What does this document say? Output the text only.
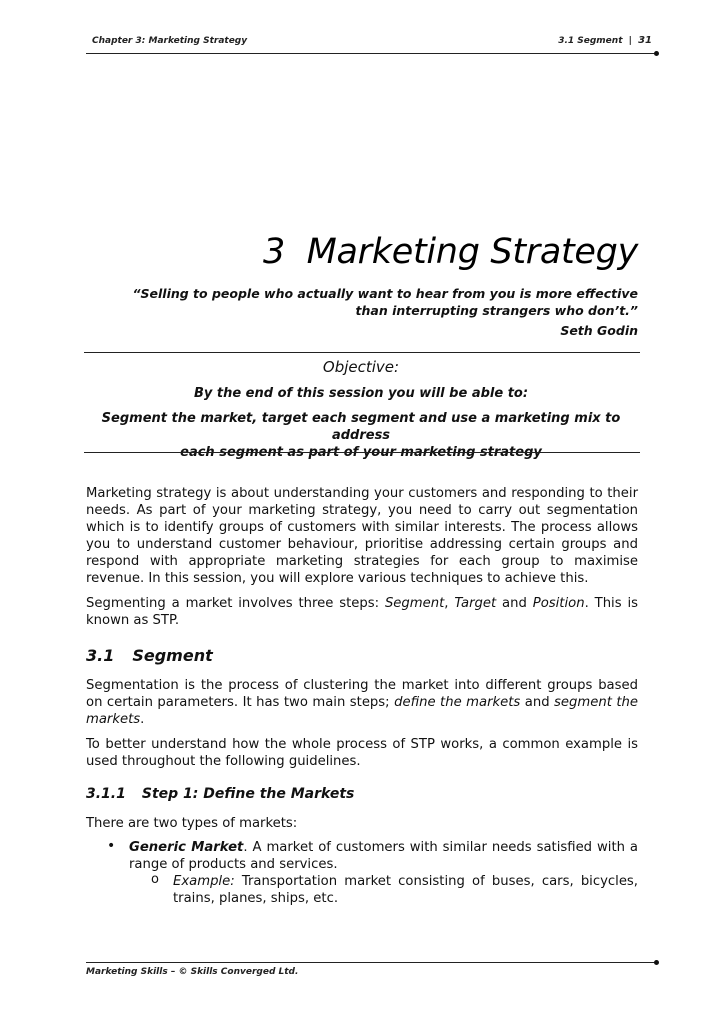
Chapter 3: Marketing Strategy	3.1 Segment | 31
3 Marketing Strategy
“Selling to people who actually want to hear from you is more effective
than interrupting strangers who don’t.”
Seth Godin
Objective:
By the end of this session you will be able to:
Segment the market, target each segment and use a marketing mix to address
each segment as part of your marketing strategy
Marketing strategy is about understanding your customers and responding to their needs. As part of your marketing strategy, you need to carry out segmentation which is to identify groups of customers with similar interests. The process allows you to understand customer behaviour, prioritise addressing certain groups and respond with appropriate marketing strategies for each group to maximise revenue. In this session, you will explore various techniques to achieve this.
Segmenting a market involves three steps: Segment, Target and Position. This is known as STP.
3.1 Segment
Segmentation is the process of clustering the market into different groups based on certain parameters. It has two main steps; define the markets and segment the markets.
To better understand how the whole process of STP works, a common example is used throughout the following guidelines.
3.1.1 Step 1: Define the Markets
There are two types of markets:
• Generic Market. A market of customers with similar needs satisfied with a range of products and services.
o Example: Transportation market consisting of buses, cars, bicycles, trains, planes, ships, etc.
Marketing Skills – © Skills Converged Ltd.
